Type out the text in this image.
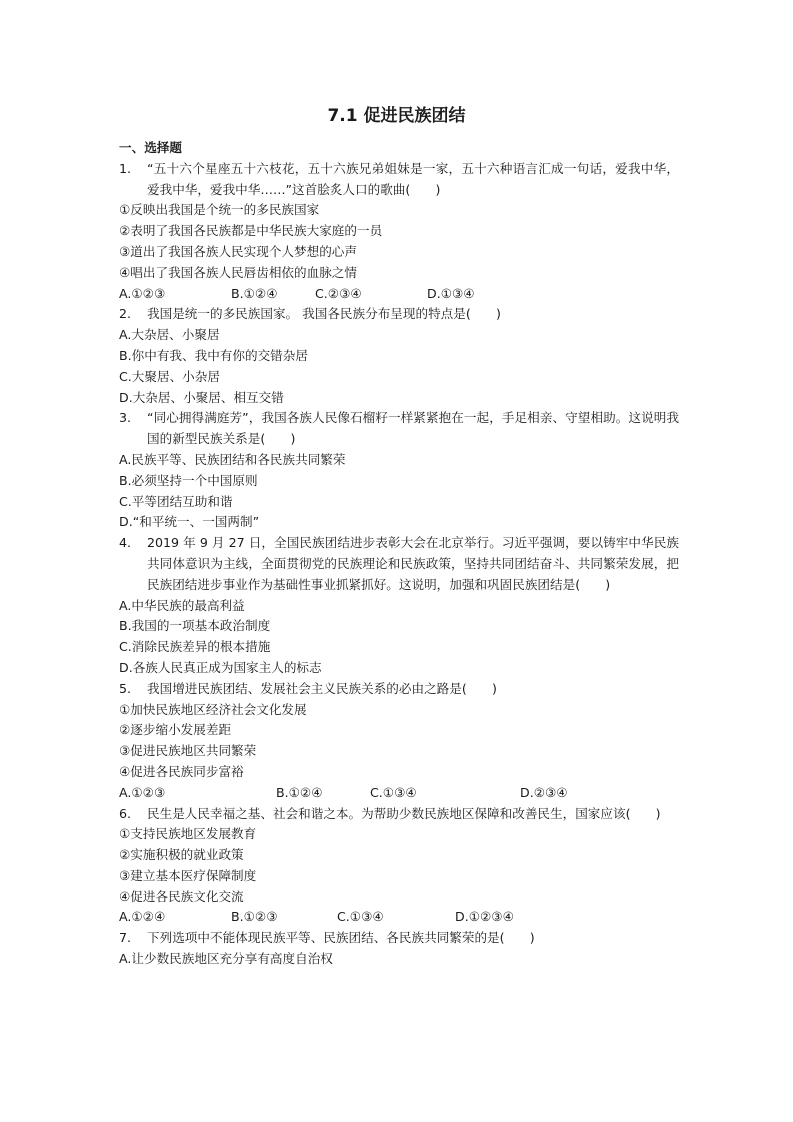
7.1 促进民族团结
一、选择题
1.	“五十六个星座五十六枝花，五十六族兄弟姐妹是一家，五十六种语言汇成一句话，爱我中华，爱我中华，爱我中华……”这首脍炙人口的歌曲(　　)
①反映出我国是个统一的多民族国家
②表明了我国各民族都是中华民族大家庭的一员
③道出了我国各族人民实现个人梦想的心声
④唱出了我国各族人民唇齿相依的血脉之情
A.①②③	B.①②④	C.②③④	D.①③④
2.	我国是统一的多民族国家。 我国各民族分布呈现的特点是(　　)
A.大杂居、小聚居
B.你中有我、我中有你的交错杂居
C.大聚居、小杂居
D.大杂居、小聚居、相互交错
3.	“同心拥得满庭芳”，我国各族人民像石榴籽一样紧紧抱在一起，手足相亲、守望相助。这说明我国的新型民族关系是(　　)
A.民族平等、民族团结和各民族共同繁荣
B.必须坚持一个中国原则
C.平等团结互助和谐
D.“和平统一、一国两制”
4.	2019 年 9 月 27 日，全国民族团结进步表彰大会在北京举行。习近平强调，要以铸牢中华民族共同体意识为主线，全面贯彻党的民族理论和民族政策，坚持共同团结奋斗、共同繁荣发展，把民族团结进步事业作为基础性事业抓紧抓好。这说明，加强和巩固民族团结是(　　)
A.中华民族的最高利益
B.我国的一项基本政治制度
C.消除民族差异的根本措施
D.各族人民真正成为国家主人的标志
5.	我国增进民族团结、发展社会主义民族关系的必由之路是(　　)
①加快民族地区经济社会文化发展
②逐步缩小发展差距
③促进民族地区共同繁荣
④促进各民族同步富裕
A.①②③	B.①②④	C.①③④	D.②③④
6.	民生是人民幸福之基、社会和谐之本。为帮助少数民族地区保障和改善民生，国家应该(　　)
①支持民族地区发展教育
②实施积极的就业政策
③建立基本医疗保障制度
④促进各民族文化交流
A.①②④	B.①②③	C.①③④	D.①②③④
7.	下列选项中不能体现民族平等、民族团结、各民族共同繁荣的是(　　)
A.让少数民族地区充分享有高度自治权
